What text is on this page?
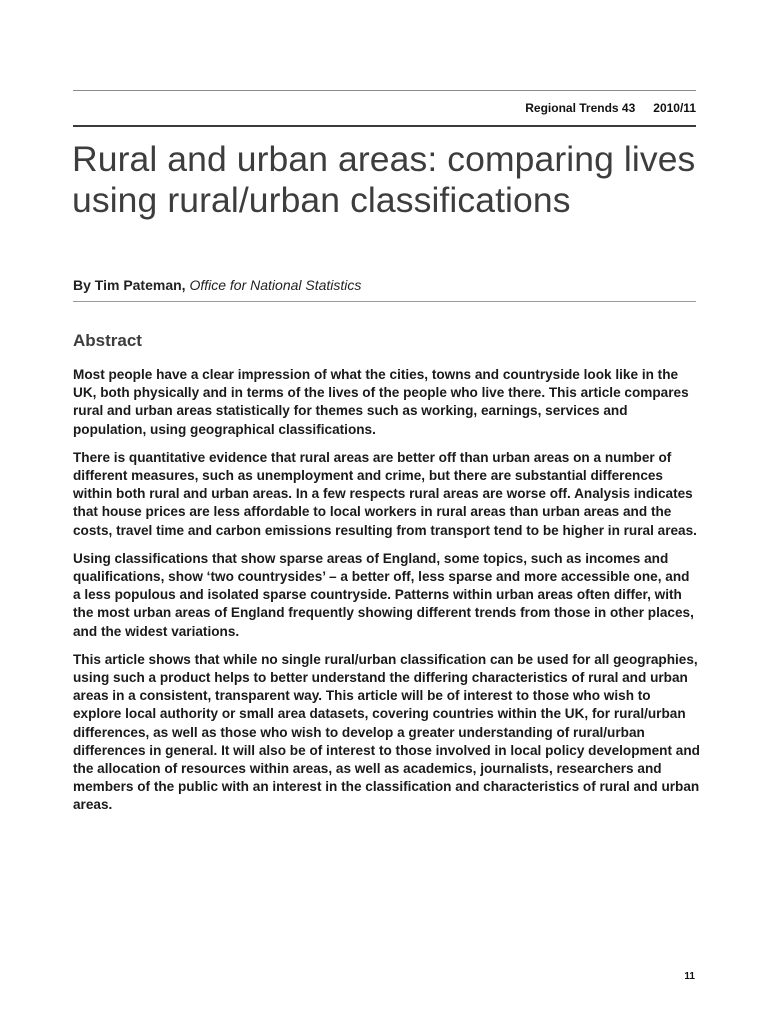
Regional Trends 43 2010/11
Rural and urban areas: comparing lives using rural/urban classifications
By Tim Pateman, Office for National Statistics
Abstract

Most people have a clear impression of what the cities, towns and countryside look like in the UK, both physically and in terms of the lives of the people who live there. This article compares rural and urban areas statistically for themes such as working, earnings, services and population, using geographical classifications.

There is quantitative evidence that rural areas are better off than urban areas on a number of different measures, such as unemployment and crime, but there are substantial differences within both rural and urban areas. In a few respects rural areas are worse off. Analysis indicates that house prices are less affordable to local workers in rural areas than urban areas and the costs, travel time and carbon emissions resulting from transport tend to be higher in rural areas.

Using classifications that show sparse areas of England, some topics, such as incomes and qualifications, show ‘two countrysides’ – a better off, less sparse and more accessible one, and a less populous and isolated sparse countryside. Patterns within urban areas often differ, with the most urban areas of England frequently showing different trends from those in other places, and the widest variations.

This article shows that while no single rural/urban classification can be used for all geographies, using such a product helps to better understand the differing characteristics of rural and urban areas in a consistent, transparent way. This article will be of interest to those who wish to explore local authority or small area datasets, covering countries within the UK, for rural/urban differences, as well as those who wish to develop a greater understanding of rural/urban differences in general. It will also be of interest to those involved in local policy development and the allocation of resources within areas, as well as academics, journalists, researchers and members of the public with an interest in the classification and characteristics of rural and urban areas.

11
